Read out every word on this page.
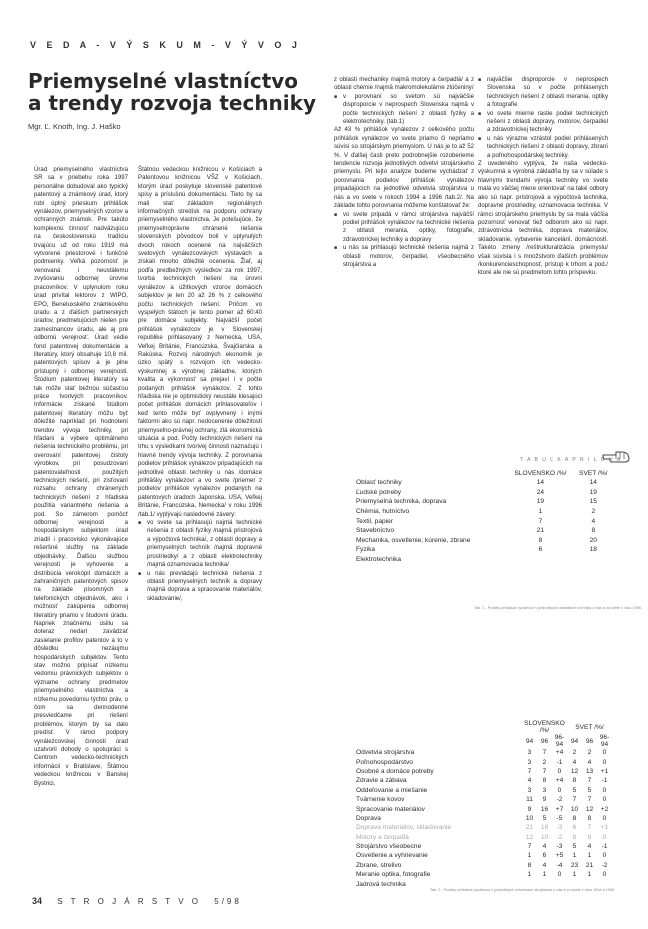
V E D A - V Ý S K U M - V Ý V O J
Priemyselné vlastníctvo
a trendy rozvoja techniky
Mgr. Ľ. Knoth, Ing. J. Haško

Úrad priemyselného vlastníctva SR sa v priebehu roka 1997 personálne dobudoval ako typický patentový a známkový úrad, ktorý robí úplný prieskum prihlášok vynálezov, priemyselných vzorov a ochranných známok. Pre takúto komplexnú činnosť nadväzujúcu na československú tradíciu trvajúcu už od roku 1919 má vytvorené priestorové i funkčné podmienky. Veľká pozornosť je venovaná i neustálemu zvyšovaniu odbornej úrovne pracovníkov. V uplynulom roku úrad privítal lektorov z WIPO, EPO, Beneluxského známkového úradu a z ďalších partnerských úradov, predmetujúcich nielen pre zamestnancov úradu, ale aj pre odbornú verejnosť. Úrad vedie fond patentovej dokumentácie a literatúry, ktorý obsahuje 10,8 mil. patentových spisov a je plne prístupný i odbornej verejnosti. Štúdium patentovej literatúry sa tak môže stať bežnou súčasťou práce tvorivých pracovníkov. Informácie získané štúdiom patentovej literatúry môžu byť dôležité napríklad pri hodnotení trendov vývoja techniky, pri hľadaní a výbere optimálneho riešenia technického problému, pri overovaní patentovej čistoty výrobkov, pri posudzovaní patentovateľnosti použitých technických riešení, pri zisťovaní rozsahu ochrany chránených technických riešení z hľadiska použitia variantného riešenia a pod. So zámerom pomôcť odbornej verejnosti a hospodárskym subjektom úrad zriadil i pracovisko vykonávajúce rešeršné služby na základe objednávky. Ďalšou službou verejnosti je vyhovenie a distribúcia verokópií domácich a zahraničných patentových spisov na základe písomných a telefonických objednávok, ako i možnosť zakúpenia odbornej literatúry priamo v študovni úradu. Napriek značnému úsiliu sa doteraz nedarí zavádzať zasielanie profilov patentov a to v dôsledku nezáujmu hospodárskych subjektov. Tento stav možno pripísať nízkemu vedomiu právnických subjektov o význame ochrany predmetov priemyselného vlastníctva a nízkemu povedomiu týchto práv, o čom sa dennodenne presviedčame pri riešení problémov, ktorým by sa dalo predísť. V rámci podpory vynálezcovskej činnosti úrad uzatvoril dohody o spolupráci s Centrom vedecko-technických informácií v Bratislave, Štátnou vedeckou knižnicou v Banskej Bystrici,

Štátnou vedeckou knižnicou v Košiciach a Patentovou knižnicou VŠZ v Košiciach, ktorým úrad poskytuje slovenské patentové spisy a príslušnú dokumentáciu. Tieto by sa mali stať základom regionálnych informačných stredísk na podporu ochrany priemyselného vlastníctva. Je potešujúce, že priemyselnoprávne chránené riešenia slovenských pôvodcov boli v uplynulých dvoch rokoch ocenené na najväčších svetových vynálezcovských výstavách a získali mnoho dôležité ocenenia. Žiaľ, aj podľa predbežných výsledkov za rok 1997, tvorba technických riešení na úrovni vynálezov a úžitkových vzorov domácich subjektov je len 20 až 26 % z celkového počtu technických riešení. Pričom vo vyspelých štátoch je tento pomer až 60:40 pre domáce subjekty. Najväčší počet prihlášok vynálezcov je v Slovenskej republike prihlasovaný z Nemecka, USA, Veľkej Británie, Francúzska, Švajčiarska a Rakúska. Rozvoj národných ekonomík je úzko spätý s rozvojom ich vedecko-výskumnej a výrobnej základne, ktorých kvalita a výkonnosť sa prejaví i v počte podaných prihlášok vynálezov. Z tohto hľadiska nie je optimistický neustále klesajúci počet prihlášok domácich prihlasovateľov i keď tento môže byť ovplyvnený i inými faktormi ako sú napr. nedocenenie dôležitosti priemyselno-právnej ochrany, zlá ekonomická situácia a pod. Počty technických riešení na trhu s výsledkami tvorivej činnosti naznačujú i hlavné trendy vývoja techniky. Z porovnania podielov prihlášok vynálezov pripadajúcich na jednotlivé oblasti techniky u nás /domáce prihlášky vynálezov/ a vo svete /priemer z podielov prihlášok vynálezov podaných na patentových úradoch Japonska, USA, Veľkej Británie, Francúzska, Nemecka/ v roku 1996 /tab.1/ vyplývajú nasledovné závery:

■ vo svete sa prihlasujú najmä technické riešenia z oblasti fyziky /najmä pristrojová a výpočtová technika/, z oblasti dopravy a priemyselných techník /najmä dopravné prostriedky/ a z oblasti elektrotechniky /najmä oznamovacia technika/
■ u nás prevládajú technické riešenia z oblasti priemyselných techník a dopravy /najmä doprava a spracovanie materiálov, skladovanie/,

z oblasti mechaniky /najmä motory a čerpadlá/ a z oblasti chémie /najmä makromolekulárne zlúčeniny/

■ v porovnaní so svetom sú najväčšie disproporcie v neprospech Slovenska najmä v počte technických riešení z oblasti fyziky a elektrotechniky. (tab.1)

Až 43 % prihlášok vynálezov z celkového počtu prihlášok vynálezov vo svete priamo či nepriamo súvisí so strojárskym priemyslom. U nás je to až 52 %. V ďalšej časti preto podrobnejšie rozoberieme tendencie rozvoja jednotlivých odvetví strojárskeho priemyslu. Pri tejto analýze budeme vychádzať z porovnania podielov prihlášok vynálezov pripadajúcich na jednotlivé odvetvia strojárstva u nás a vo svete v rokoch 1994 a 1996 /tab.2/. Na základe tohto porovnania môžeme konštatovať že:

■ vo svete pripadá v rámci strojárstva najväčší podiel prihlášok vynálezov na technické riešenia z oblasti merania, optiky, fotografie, zdravotníckej techniky a dopravy
■ u nás sa prihlasujú technické riešenia najmä z oblasti motorov, čerpadiel, všeobecného strojárstva a
■ najväčšie disproporcie v neprospech Slovenska sú v počte prihlásených technických riešení z oblasti merania, optiky a fotografie
■ vo svete mierne rastie podiel technických riešení z oblasti dopravy, motorov, čerpadiel a zdravotníckej techniky
■ u nás výrazne vzrástol podiel prihlásených technických riešení z oblasti dopravy, zbraní a poľnohospodárskej techniky.

Z uvedeného vyplýva, že naša vedecko-výskumná a výrobná základňa by sa v súlade s hlavnými trendami vývoja techniky vo svete mala vo väčšej miere orientovať na také odbory ako sú napr. prístrojová a výpočtová technika, dopravné prostriedky, oznamovacia technika. V rámci strojárskeho priemyslu by sa mala väčšia pozornosť venovať tiež odborom ako sú napr. zdravotnícka technika, doprava materiálov, skladovanie, vybavenie kancelárií, domácností. Takéto zmeny /reštrukturalizácia priemyslu/ však súvisia i s množstvom ďalších problémov /konkurencieschopnosť, prístup k trhom a pod./ ktoré ale nie sú predmetom tohto príspevku.

T A B U Ľ K A P R I L O H A
	SLOVENSKO /%/	SVET /%/
Oblasť techniky	14	14
Ľudské potreby	24	19
Priemyselná technika, doprava	19	15
Chémia, hutníctvo	1	2
Textil, papier	7	4
Stavebníctvo	21	8
Mechanika, osvetlenie, kúrenie, zbrane	8	20
Fyzika	6	18
Elektrotechnika		
Tab. 1 - Podiely prihlášok vynálezov v jednotlivých oblastiach techniky u nás a vo svete v roku 1996
	SLOVENSKO /%/			SVET /%/		
	94	96	96-94	94	96	96-94
Odvetvia strojárstva	3	7	+4	2	2	0
Poľnohospodárstvo	3	2	-1	4	4	0
Osobné a domáce potreby	7	7	0	12	13	+1
Zdravie a zábava	4	8	+4	8	7	-1
Oddeľovanie a miešanie	3	3	0	5	5	0
Tvárnenie kovov	11	9	-2	7	7	0
Spracovanie materiálov	9	16	+7	10	12	+2
Doprava	10	5	-5	8	8	0
Doprava materiálov, skladovanie	21	18	-3	6	7	+1
Motory a čerpadlá	12	10	-2	8	8	0
Strojárstvo všeobecne	7	4	-3	5	4	-1
Osvetlenie a vyhrievanie	1	6	+5	1	1	0
Zbrane, strelivo	8	4	-4	23	21	-2
Meranie optika, fotografie	1	1	0	1	1	0
Jadrová technika						
Tab. 2 - Podiely prihlášok vynálezov v jednotlivých odvetviach strojárstva u nás a vo svete v roku 1994 a 1996
34 S T R O J Á R S T V O 5/98
